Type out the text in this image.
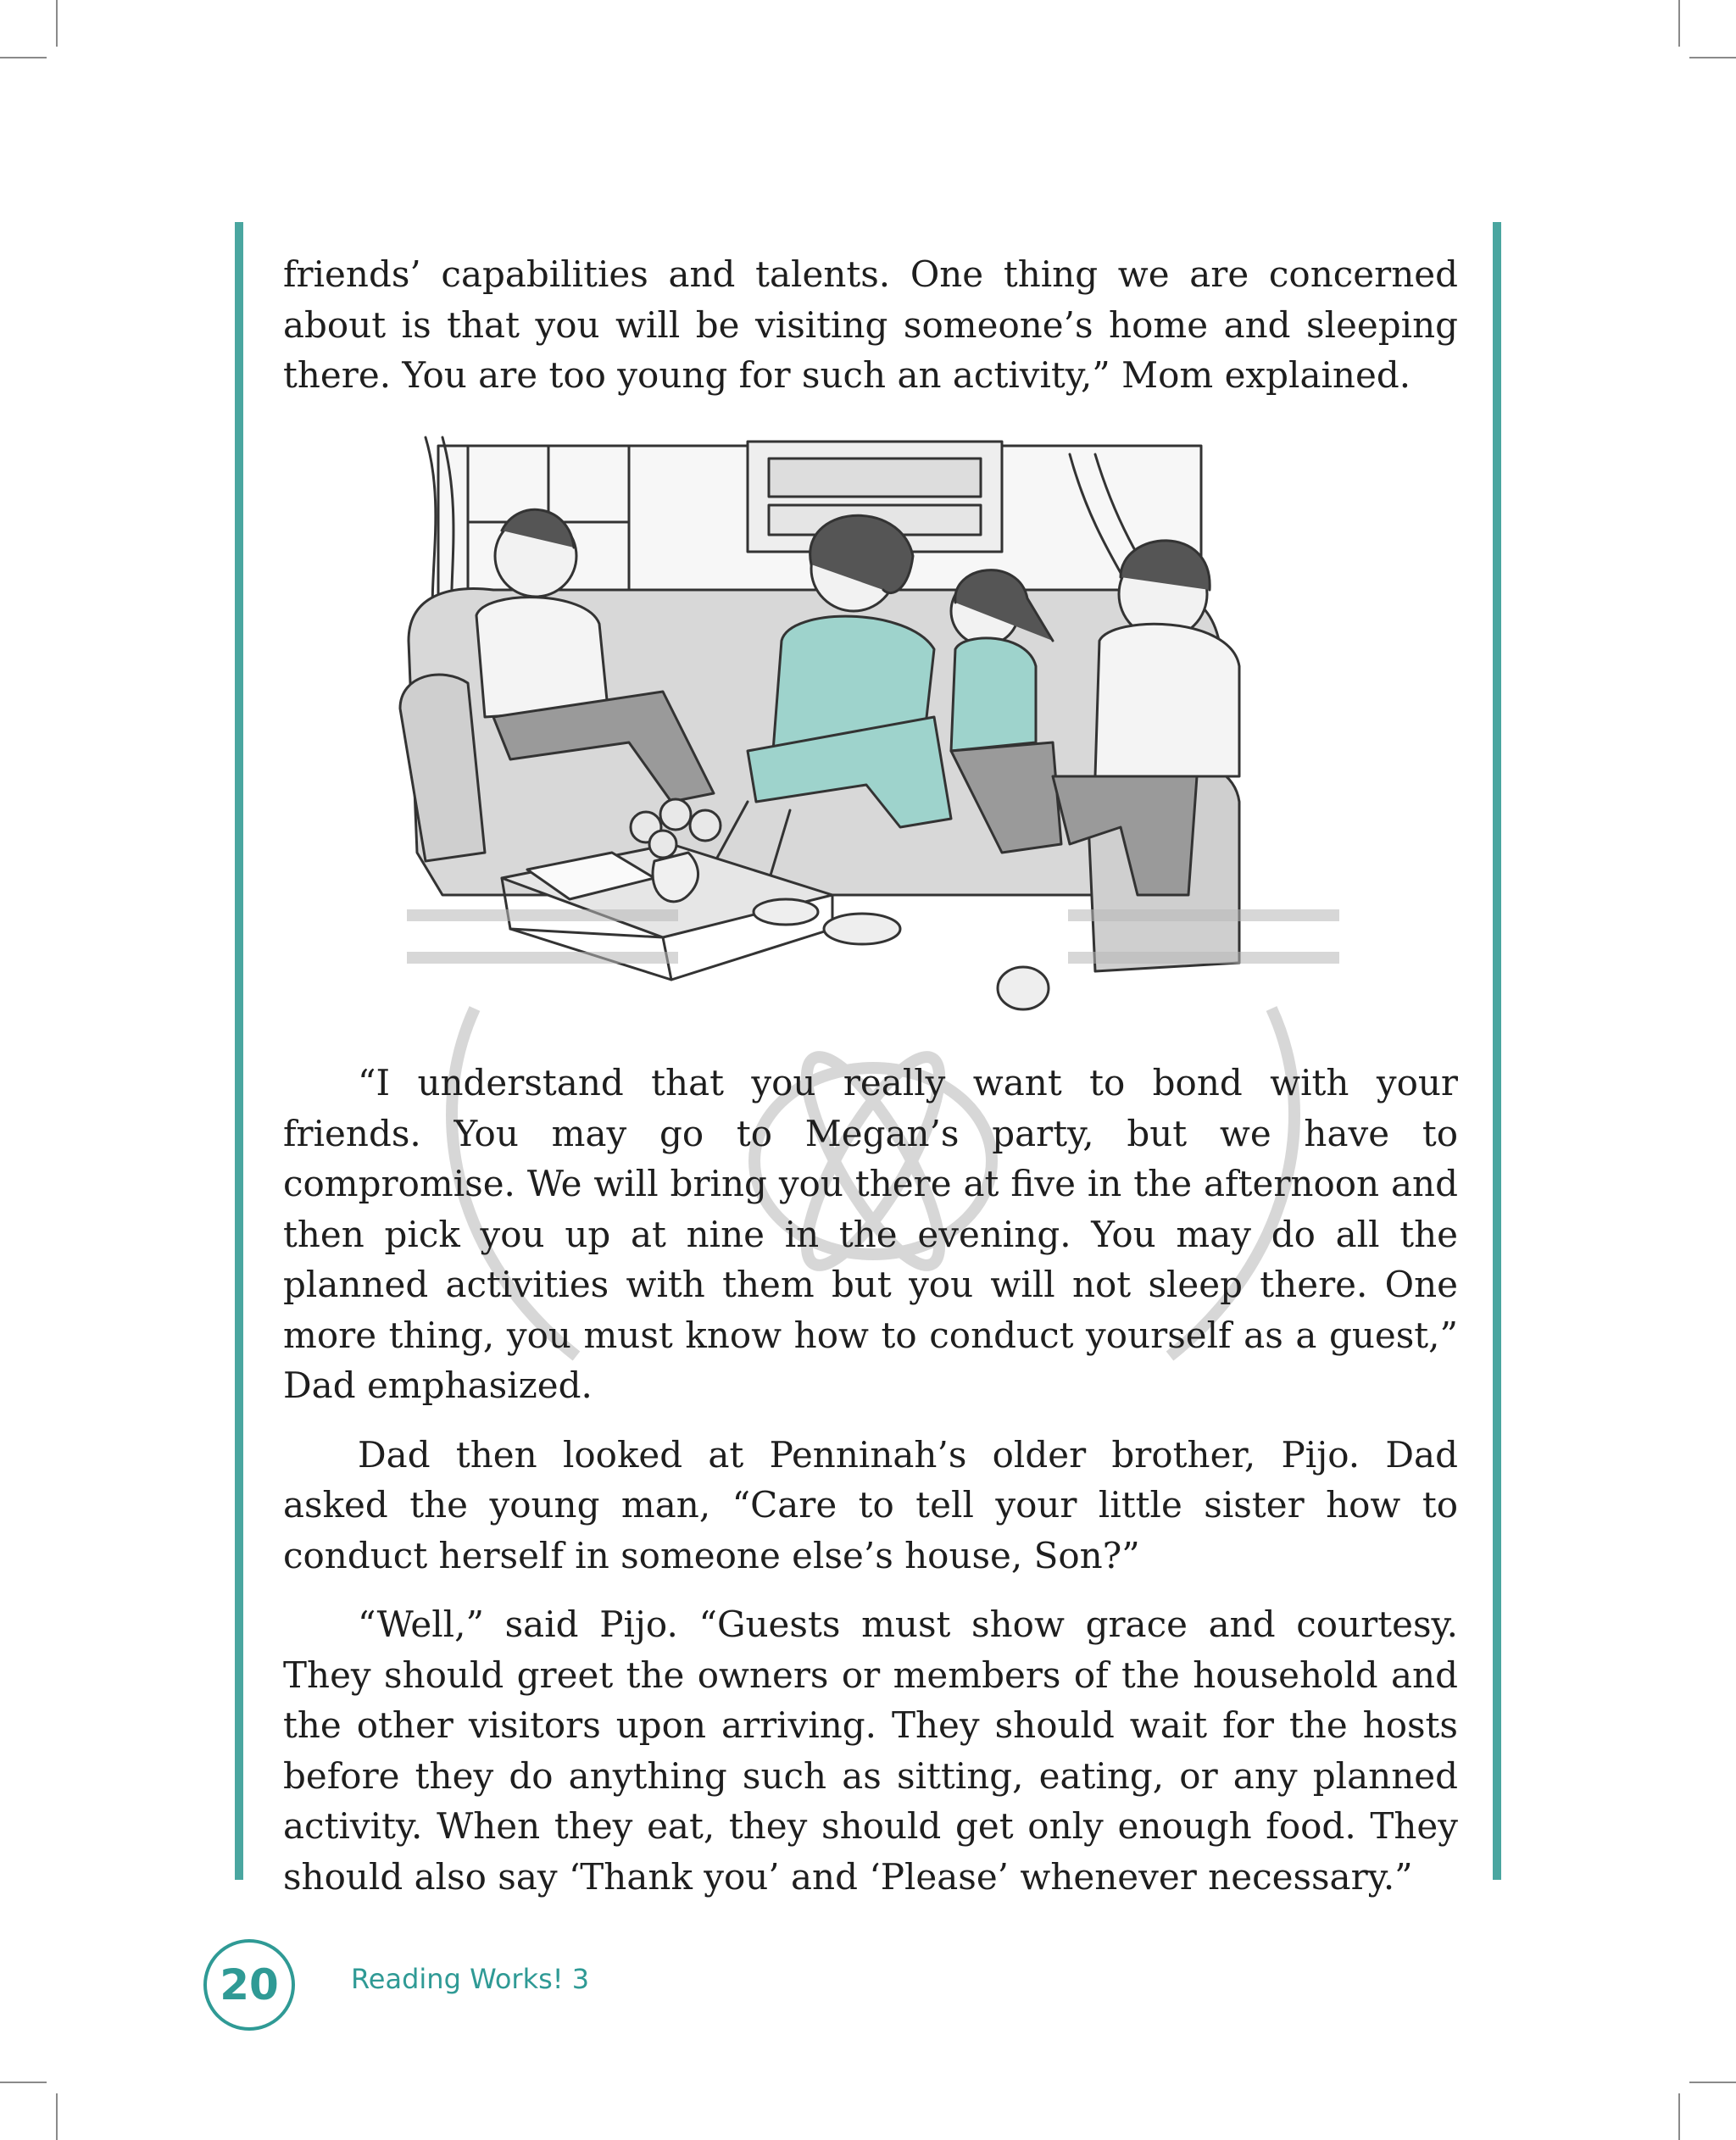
friends’ capabilities and talents. One thing we are concerned about is that you will be visiting someone’s home and sleeping there. You are too young for such an activity,” Mom explained.

“I understand that you really want to bond with your friends. You may go to Megan’s party, but we have to compromise. We will bring you there at five in the afternoon and then pick you up at nine in the evening. You may do all the planned activities with them but you will not sleep there. One more thing, you must know how to conduct yourself as a guest,” Dad emphasized.

Dad then looked at Penninah’s older brother, Pijo. Dad asked the young man, “Care to tell your little sister how to conduct herself in someone else’s house, Son?”

“Well,” said Pijo. “Guests must show grace and courtesy. They should greet the owners or members of the household and the other visitors upon arriving. They should wait for the hosts before they do anything such as sitting, eating, or any planned activity. When they eat, they should get only enough food. They should also say ‘Thank you’ and ‘Please’ whenever necessary.”

20	Reading Works! 3
